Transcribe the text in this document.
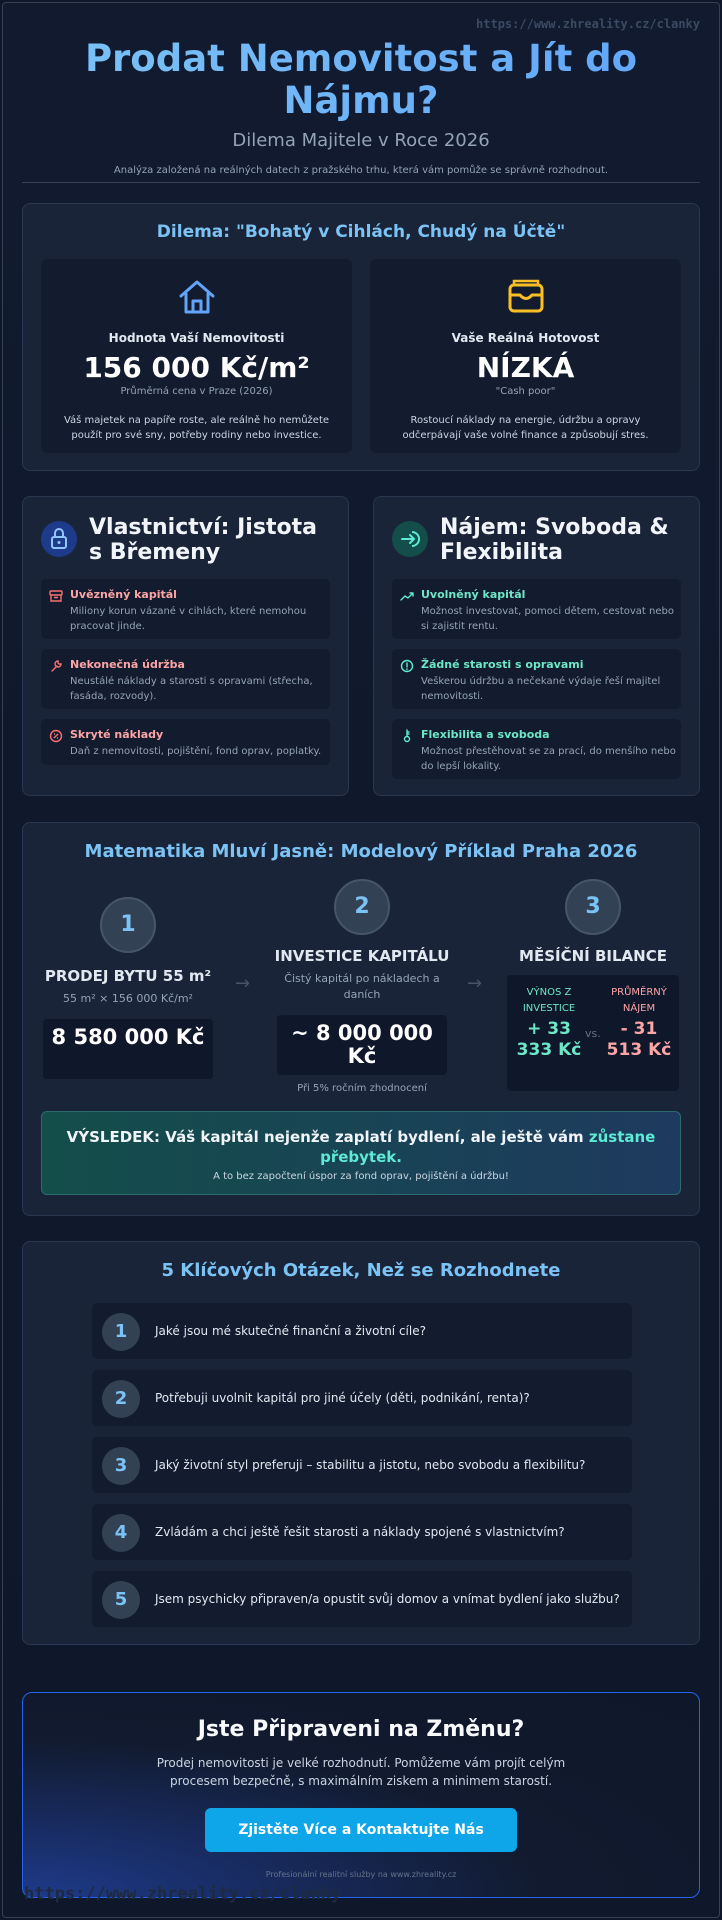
https://www.zhreality.cz/clanky
Prodat Nemovitost a Jít do Nájmu?
Dilema Majitele v Roce 2026
Analýza založená na reálných datech z pražského trhu, která vám pomůže se správně rozhodnout.
Dilema: "Bohatý v Cihlách, Chudý na Účtě"
Hodnota Vaší Nemovitosti
156 000 Kč/m²
Průměrná cena v Praze (2026)
Váš majetek na papíře roste, ale reálně ho nemůžete použít pro své sny, potřeby rodiny nebo investice.
Vaše Reálná Hotovost
NÍZKÁ
"Cash poor"
Rostoucí náklady na energie, údržbu a opravy odčerpávají vaše volné finance a způsobují stres.
Vlastnictví: Jistota s Břemeny
Uvězněný kapitál
Miliony korun vázané v cihlách, které nemohou pracovat jinde.
Nekonečná údržba
Neustálé náklady a starosti s opravami (střecha, fasáda, rozvody).
Skryté náklady
Daň z nemovitosti, pojištění, fond oprav, poplatky.
Nájem: Svoboda & Flexibilita
Uvolněný kapitál
Možnost investovat, pomoci dětem, cestovat nebo si zajistit rentu.
Žádné starosti s opravami
Veškerou údržbu a nečekané výdaje řeší majitel nemovitosti.
Flexibilita a svoboda
Možnost přestěhovat se za prací, do menšího nebo do lepší lokality.
Matematika Mluví Jasně: Modelový Příklad Praha 2026
1
PRODEJ BYTU 55 m²
55 m² × 156 000 Kč/m²
8 580 000 Kč
→
2
INVESTICE KAPITÁLU
Čistý kapitál po nákladech a daních
~ 8 000 000 Kč
Při 5% ročním zhodnocení
→
3
MĚSÍČNÍ BILANCE
VÝNOS Z INVESTICE
+ 33 333 Kč
vs.
PRŮMĚRNÝ NÁJEM
- 31 513 Kč
VÝSLEDEK: Váš kapitál nejenže zaplatí bydlení, ale ještě vám zůstane přebytek.
A to bez započtení úspor za fond oprav, pojištění a údržbu!
5 Klíčových Otázek, Než se Rozhodnete
1	Jaké jsou mé skutečné finanční a životní cíle?
2	Potřebuji uvolnit kapitál pro jiné účely (děti, podnikání, renta)?
3	Jaký životní styl preferuji – stabilitu a jistotu, nebo svobodu a flexibilitu?
4	Zvládám a chci ještě řešit starosti a náklady spojené s vlastnictvím?
5	Jsem psychicky připraven/a opustit svůj domov a vnímat bydlení jako službu?
Jste Připraveni na Změnu?

Prodej nemovitosti je velké rozhodnutí. Pomůžeme vám projít celým procesem bezpečně, s maximálním ziskem a minimem starostí.

Zjistěte Více a Kontaktujte Nás
Profesionální realitní služby na www.zhreality.cz
https://www.zhreality.cz/clanky
